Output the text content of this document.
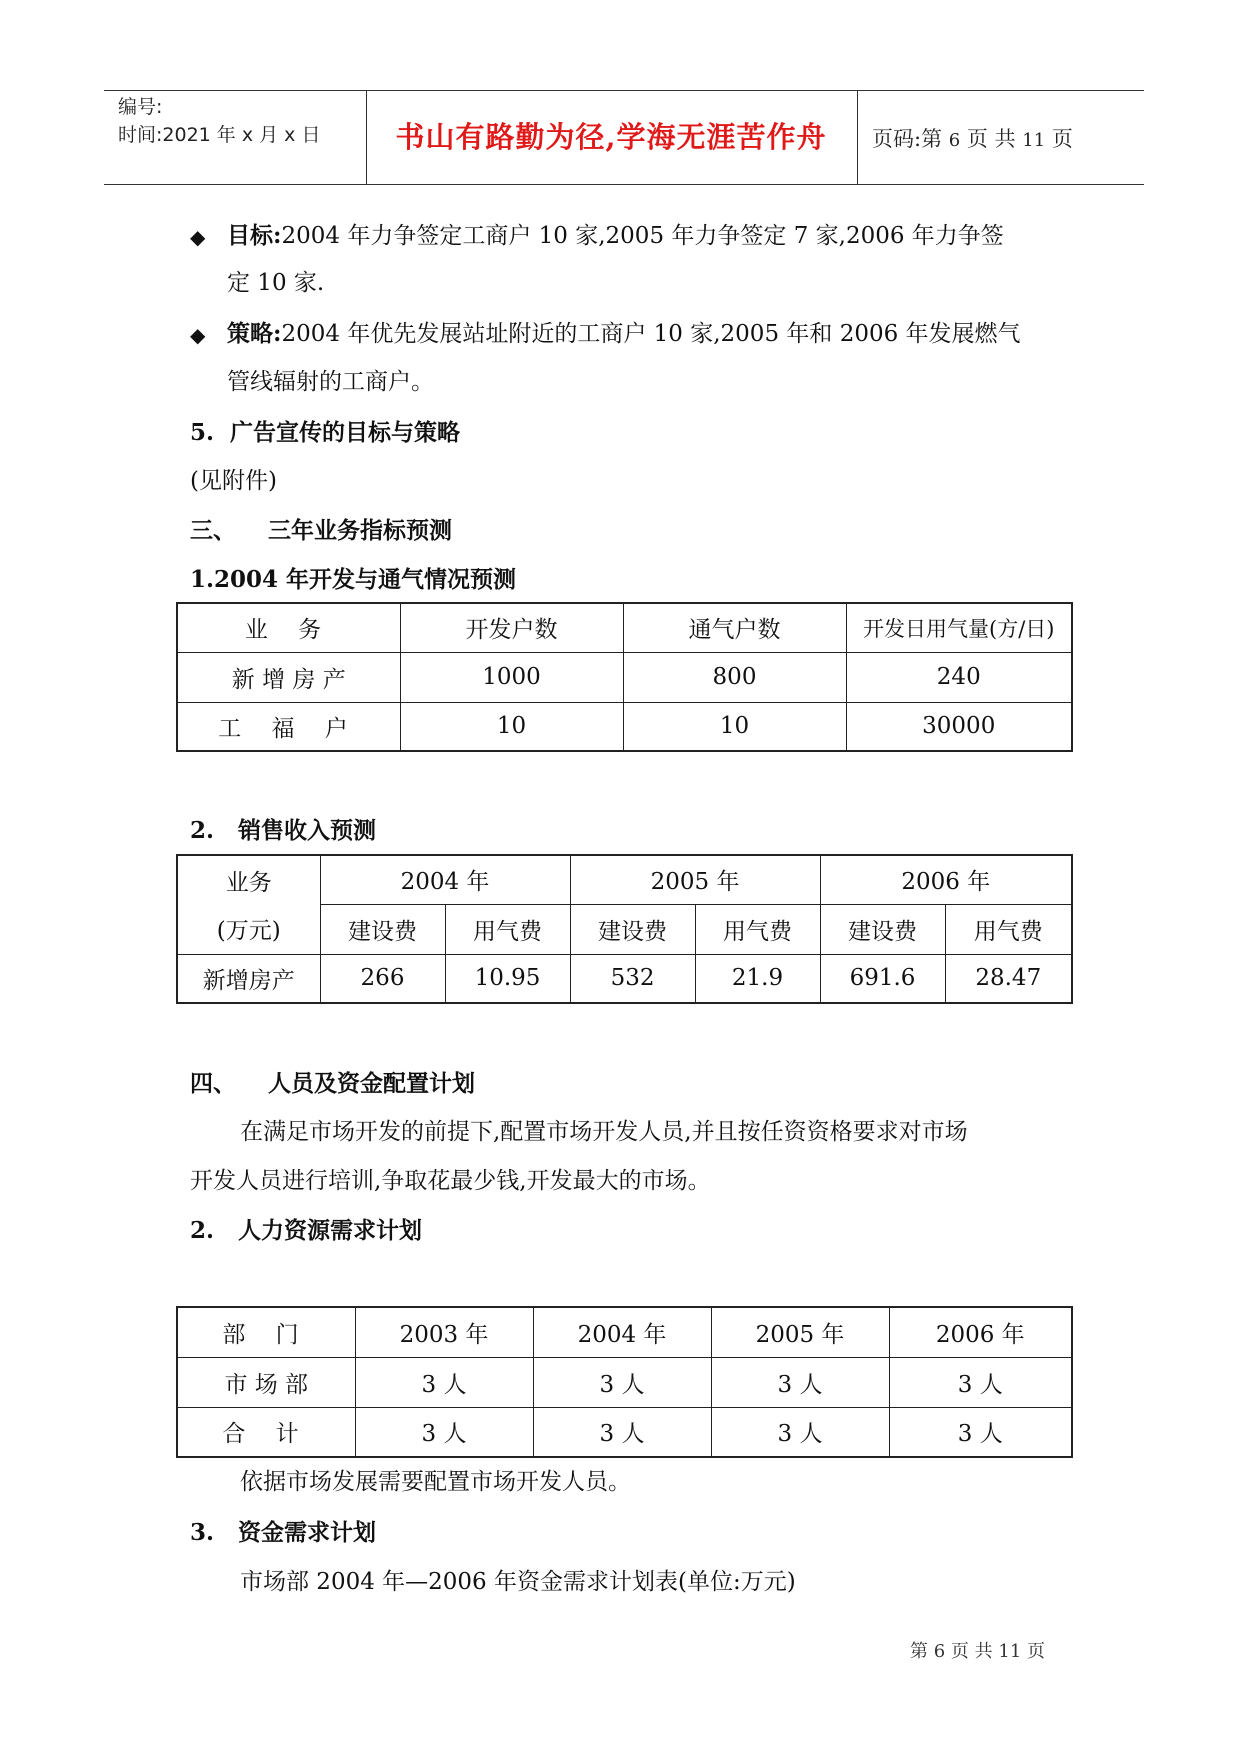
编号:
时间:2021 年 x 月 x 日	书山有路勤为径,学海无涯苦作舟	页码:第 6 页 共 11 页
◆ 目标:2004 年力争签定工商户 10 家,2005 年力争签定 7 家,2006 年力争签
定 10 家.
◆ 策略:2004 年优先发展站址附近的工商户 10 家,2005 年和 2006 年发展燃气
管线辐射的工商户。
5. 广告宣传的目标与策略
(见附件)
三、 三年业务指标预测
1.2004 年开发与通气情况预测
业 务	开发户数	通气户数	开发日用气量(方/日)
新 增 房 产	1000	800	240
工 福 户	10	10	30000
2. 销售收入预测
业务	2004 年		2005 年		2006 年	
(万元)	建设费	用气费	建设费	用气费	建设费	用气费
新增房产	266	10.95	532	21.9	691.6	28.47
四、 人员及资金配置计划
在满足市场开发的前提下,配置市场开发人员,并且按任资资格要求对市场
开发人员进行培训,争取花最少钱,开发最大的市场。
2. 人力资源需求计划
部 门	2003 年	2004 年	2005 年	2006 年
市 场 部	3 人	3 人	3 人	3 人
合 计	3 人	3 人	3 人	3 人
依据市场发展需要配置市场开发人员。
3. 资金需求计划
市场部 2004 年—2006 年资金需求计划表(单位:万元)
第 6 页 共 11 页
